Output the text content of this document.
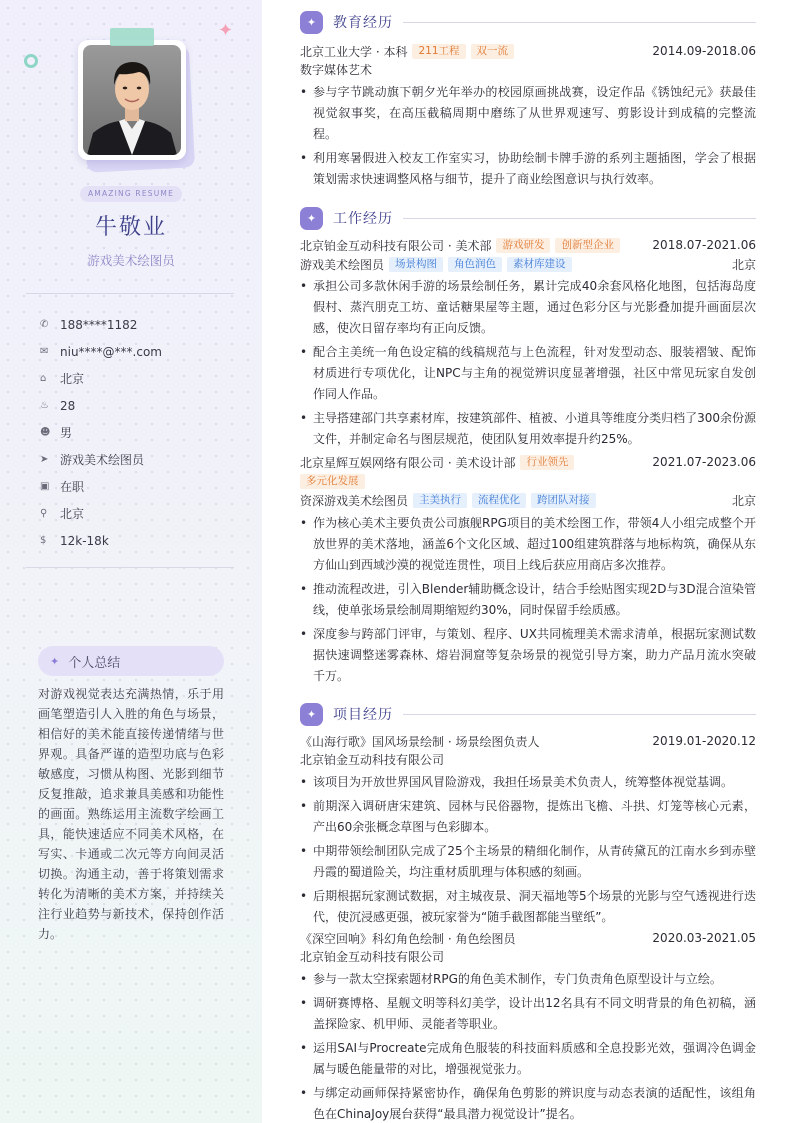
✦
AMAZING RESUME
牛敬业
游戏美术绘图员
✆ 188****1182
✉ niu****@***.com
⌂	北京
♨ 28
☻ 男
➤ 游戏美术绘图员
▣ 在职
⚲	北京
$	12k-18k
✦ 个人总结

对游戏视觉表达充满热情，乐于用画笔塑造引人入胜的角色与场景，相信好的美术能直接传递情绪与世界观。具备严谨的造型功底与色彩敏感度，习惯从构图、光影到细节反复推敲，追求兼具美感和功能性的画面。熟练运用主流数字绘画工具，能快速适应不同美术风格，在写实、卡通或二次元等方向间灵活切换。沟通主动，善于将策划需求转化为清晰的美术方案，并持续关注行业趋势与新技术，保持创作活力。

✦	教育经历
北京工业大学 · 本科	211工程	双一流	2014.09-2018.06
数字媒体艺术
• 参与字节跳动旗下朝夕光年举办的校园原画挑战赛，设定作品《锈蚀纪元》获最佳视觉叙事奖，在高压截稿周期中磨练了从世界观速写、剪影设计到成稿的完整流程。
• 利用寒暑假进入校友工作室实习，协助绘制卡牌手游的系列主题插图，学会了根据策划需求快速调整风格与细节，提升了商业绘图意识与执行效率。
✦	工作经历
北京铂金互动科技有限公司 · 美术部	游戏研发	创新型企业	2018.07-2021.06
游戏美术绘图员	场景构图	角色润色	素材库建设	北京
• 承担公司多款休闲手游的场景绘制任务，累计完成40余套风格化地图，包括海岛度假村、蒸汽朋克工坊、童话糖果屋等主题，通过色彩分区与光影叠加提升画面层次感，使次日留存率均有正向反馈。
• 配合主美统一角色设定稿的线稿规范与上色流程，针对发型动态、服装褶皱、配饰材质进行专项优化，让NPC与主角的视觉辨识度显著增强，社区中常见玩家自发创作同人作品。
• 主导搭建部门共享素材库，按建筑部件、植被、小道具等维度分类归档了300余份源文件，并制定命名与图层规范，使团队复用效率提升约25%。
北京星辉互娱网络有限公司 · 美术设计部	行业领先	2021.07-2023.06
多元化发展
资深游戏美术绘图员	主美执行	流程优化	跨团队对接	北京
• 作为核心美术主要负责公司旗舰RPG项目的美术绘图工作，带领4人小组完成整个开放世界的美术落地，涵盖6个文化区域、超过100组建筑群落与地标构筑，确保从东方仙山到西域沙漠的视觉连贯性，项目上线后获应用商店多次推荐。
• 推动流程改进，引入Blender辅助概念设计，结合手绘贴图实现2D与3D混合渲染管线，使单张场景绘制周期缩短约30%，同时保留手绘质感。
• 深度参与跨部门评审，与策划、程序、UX共同梳理美术需求清单，根据玩家测试数据快速调整迷雾森林、熔岩洞窟等复杂场景的视觉引导方案，助力产品月流水突破千万。
✦	项目经历
《山海行歌》国风场景绘制 · 场景绘图负责人	2019.01-2020.12
北京铂金互动科技有限公司
• 该项目为开放世界国风冒险游戏，我担任场景美术负责人，统筹整体视觉基调。
• 前期深入调研唐宋建筑、园林与民俗器物，提炼出飞檐、斗拱、灯笼等核心元素，产出60余张概念草图与色彩脚本。
• 中期带领绘制团队完成了25个主场景的精细化制作，从青砖黛瓦的江南水乡到赤壁丹霞的蜀道险关，均注重材质肌理与体积感的刻画。
• 后期根据玩家测试数据，对主城夜景、洞天福地等5个场景的光影与空气透视进行迭代，使沉浸感更强，被玩家誉为“随手截图都能当壁纸”。
《深空回响》科幻角色绘制 · 角色绘图员	2020.03-2021.05
北京铂金互动科技有限公司
• 参与一款太空探索题材RPG的角色美术制作，专门负责角色原型设计与立绘。
• 调研赛博格、星舰文明等科幻美学，设计出12名具有不同文明背景的角色初稿，涵盖探险家、机甲师、灵能者等职业。
• 运用SAI与Procreate完成角色服装的科技面料质感和全息投影光效，强调冷色调金属与暖色能量带的对比，增强视觉张力。
• 与绑定动画师保持紧密协作，确保角色剪影的辨识度与动态表演的适配性，该组角色在ChinaJoy展台获得“最具潜力视觉设计”提名。
